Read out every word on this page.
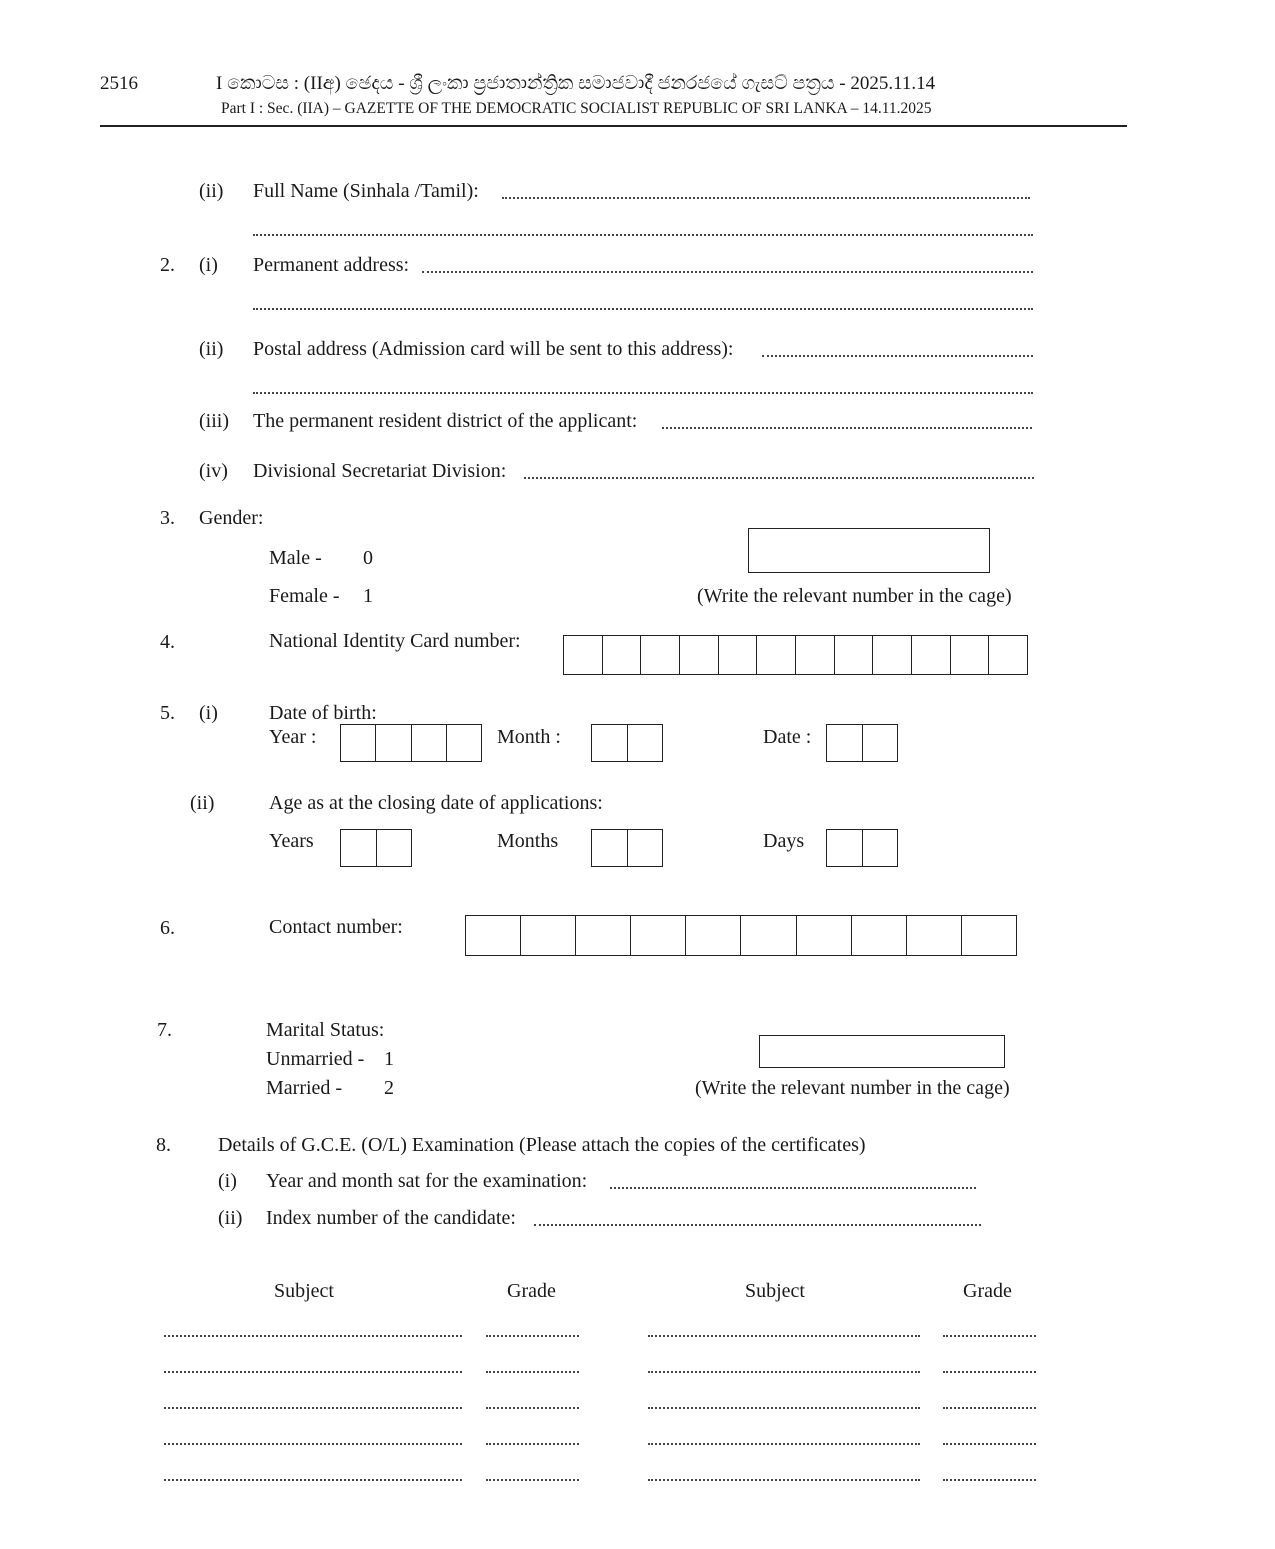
2516	I කොටස : (IIඅ) ඡෙදය - ශ්‍රී ලංකා ප්‍රජාතාන්ත්‍රික සමාජවාදී ජනරජයේ ගැසට් පත්‍රය - 2025.11.14
Part I : Sec. (IIA) – GAZETTE OF THE DEMOCRATIC SOCIALIST REPUBLIC OF SRI LANKA – 14.11.2025
(ii) Full Name (Sinhala /Tamil):
2. (i) Permanent address:
(ii) Postal address (Admission card will be sent to this address):
(iii) The permanent resident district of the applicant:
(iv) Divisional Secretariat Division:
3. Gender:
Male - 0
Female - 1	(Write the relevant number in the cage)
4.	National Identity Card number:
5. (i)	Date of birth:
Year :	Month :	Date :
(ii)	Age as at the closing date of applications:
Years	Months	Days
6.	Contact number:
7.	Marital Status:
Unmarried - 1
Married - 2	(Write the relevant number in the cage)
8. Details of G.C.E. (O/L) Examination (Please attach the copies of the certificates)
(i) Year and month sat for the examination:
(ii) Index number of the candidate:
Subject	Grade	Subject	Grade
